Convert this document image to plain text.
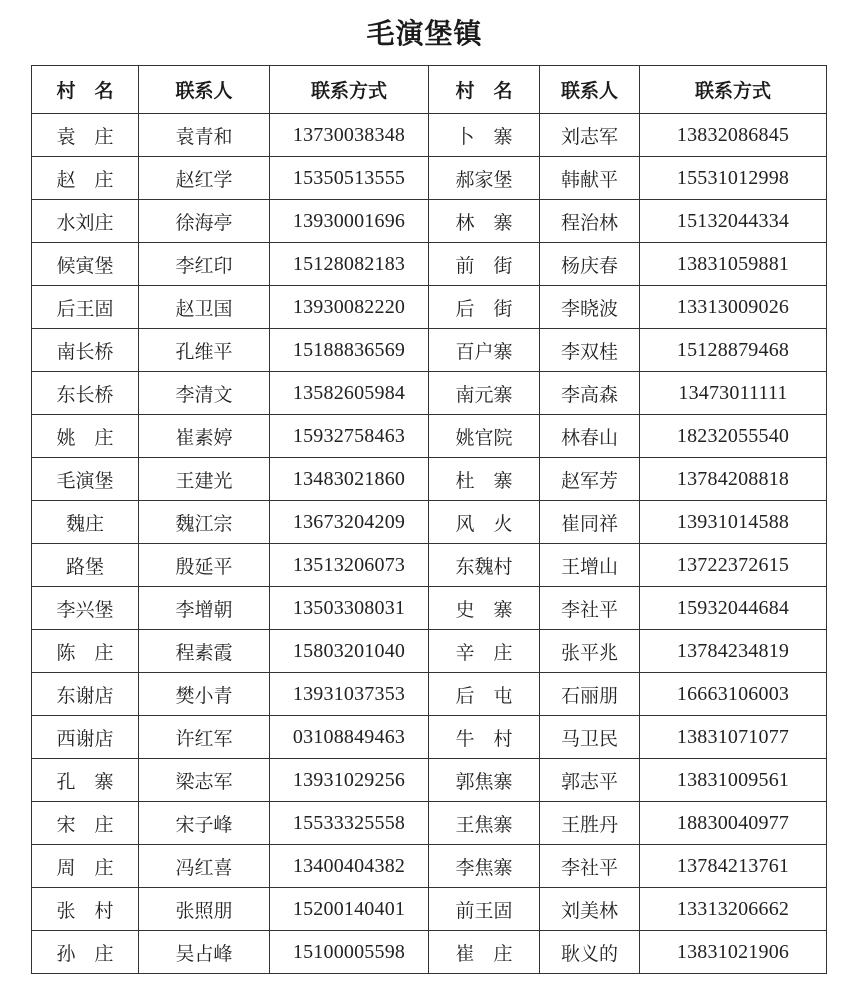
毛演堡镇
村　名	联系人	联系方式	村　名	联系人	联系方式
袁　庄	袁青和	13730038348	卜　寨	刘志军	13832086845
赵　庄	赵红学	15350513555	郝家堡	韩献平	15531012998
水刘庄	徐海亭	13930001696	林　寨	程治林	15132044334
候寅堡	李红印	15128082183	前　街	杨庆春	13831059881
后王固	赵卫国	13930082220	后　街	李晓波	13313009026
南长桥	孔维平	15188836569	百户寨	李双桂	15128879468
东长桥	李清文	13582605984	南元寨	李高森	13473011111
姚　庄	崔素婷	15932758463	姚官院	林春山	18232055540
毛演堡	王建光	13483021860	杜　寨	赵军芳	13784208818
魏庄	魏江宗	13673204209	风　火	崔同祥	13931014588
路堡	殷延平	13513206073	东魏村	王增山	13722372615
李兴堡	李增朝	13503308031	史　寨	李社平	15932044684
陈　庄	程素霞	15803201040	辛　庄	张平兆	13784234819
东谢店	樊小青	13931037353	后　屯	石丽朋	16663106003
西谢店	许红军	03108849463	牛　村	马卫民	13831071077
孔　寨	梁志军	13931029256	郭焦寨	郭志平	13831009561
宋　庄	宋子峰	15533325558	王焦寨	王胜丹	18830040977
周　庄	冯红喜	13400404382	李焦寨	李社平	13784213761
张　村	张照朋	15200140401	前王固	刘美林	13313206662
孙　庄	吴占峰	15100005598	崔　庄	耿义的	13831021906
